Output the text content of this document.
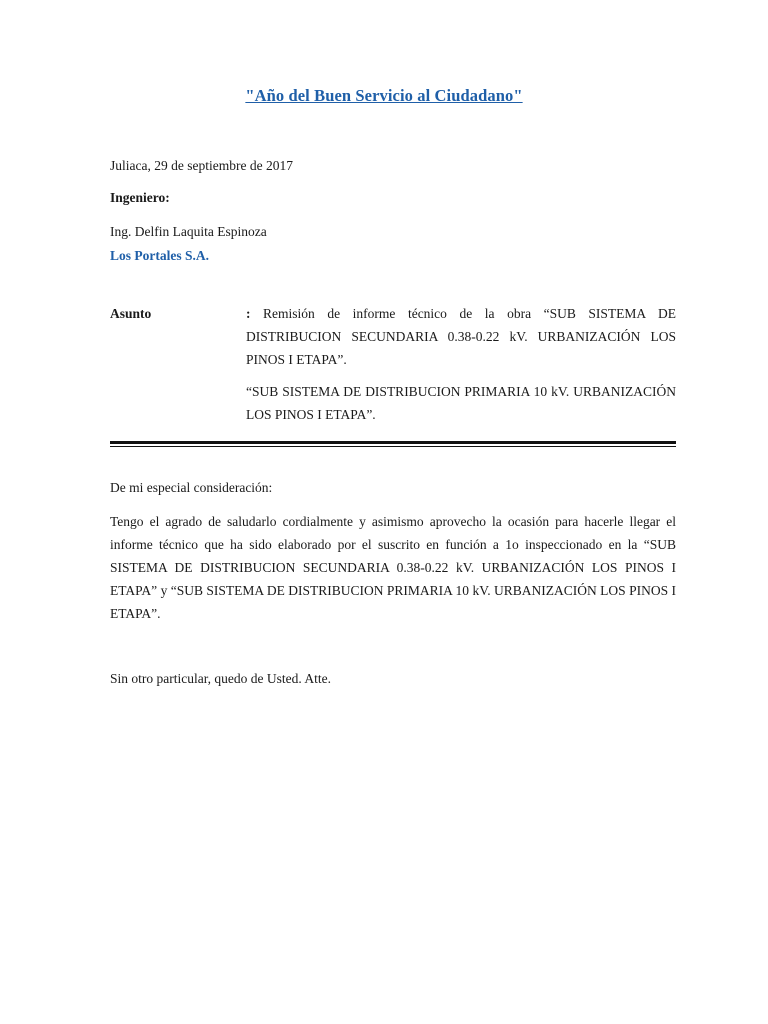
"Año del Buen Servicio al Ciudadano"
Juliaca, 29 de septiembre de 2017
Ingeniero:
Ing. Delfin Laquita Espinoza
Los Portales S.A.
Asunto	: Remisión de informe técnico de la obra “SUB SISTEMA DE DISTRIBUCION SECUNDARIA 0.38-0.22 kV. URBANIZACIÓN LOS PINOS I ETAPA”.
“SUB SISTEMA DE DISTRIBUCION PRIMARIA 10 kV. URBANIZACIÓN LOS PINOS I ETAPA”.
De mi especial consideración:
Tengo el agrado de saludarlo cordialmente y asimismo aprovecho la ocasión para hacerle llegar el informe técnico que ha sido elaborado por el suscrito en función a 1o inspeccionado en la “SUB SISTEMA DE DISTRIBUCION SECUNDARIA 0.38-0.22 kV. URBANIZACIÓN LOS PINOS I ETAPA” y “SUB SISTEMA DE DISTRIBUCION PRIMARIA 10 kV. URBANIZACIÓN LOS PINOS I ETAPA”.
Sin otro particular, quedo de Usted. Atte.
